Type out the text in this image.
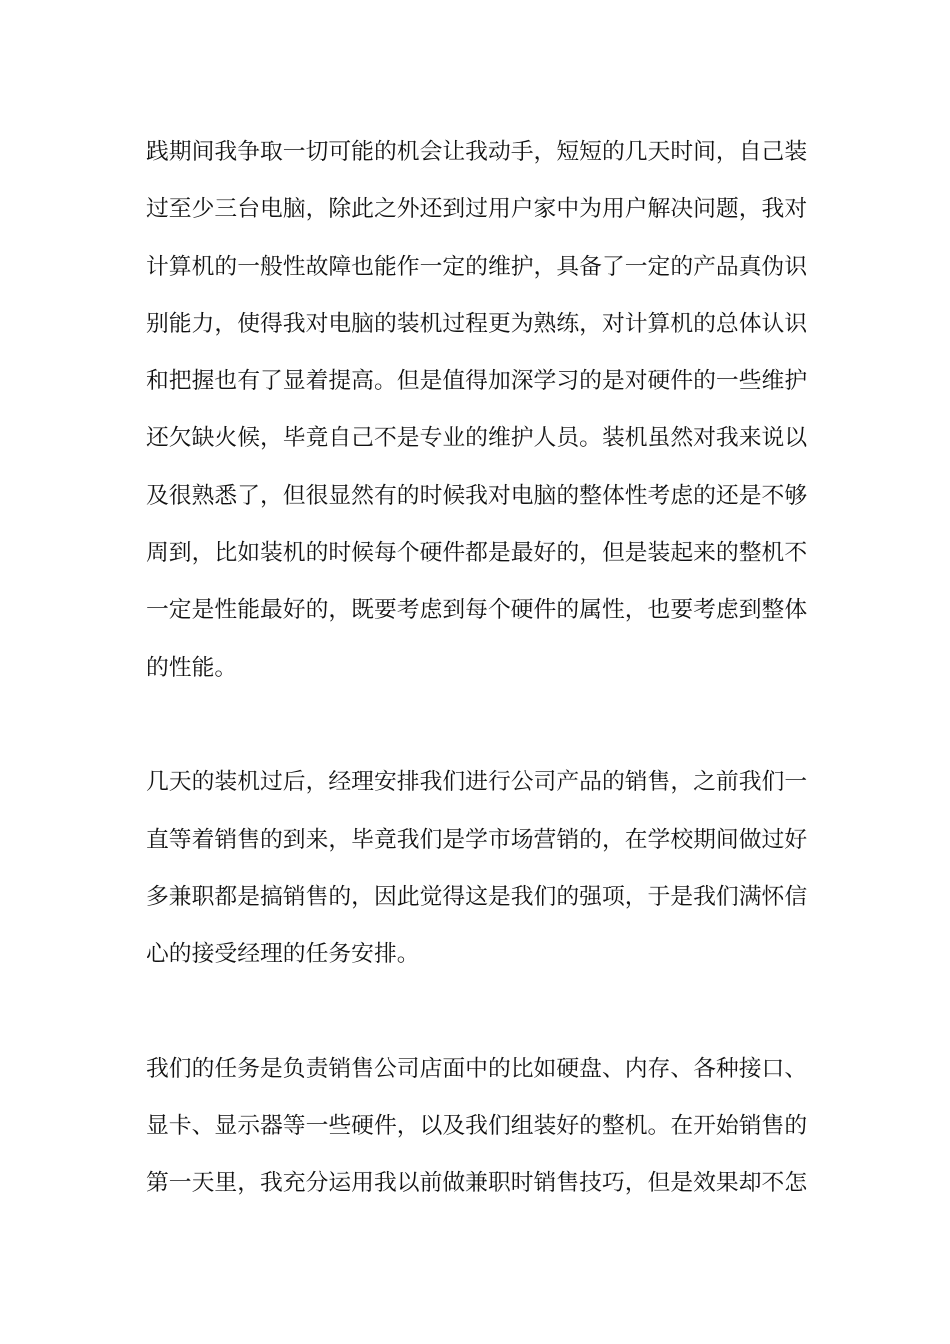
践期间我争取一切可能的机会让我动手，短短的几天时间，自己装
过至少三台电脑，除此之外还到过用户家中为用户解决问题，我对
计算机的一般性故障也能作一定的维护，具备了一定的产品真伪识
别能力，使得我对电脑的装机过程更为熟练，对计算机的总体认识
和把握也有了显着提高。但是值得加深学习的是对硬件的一些维护
还欠缺火候，毕竟自己不是专业的维护人员。装机虽然对我来说以
及很熟悉了，但很显然有的时候我对电脑的整体性考虑的还是不够
周到，比如装机的时候每个硬件都是最好的，但是装起来的整机不
一定是性能最好的，既要考虑到每个硬件的属性，也要考虑到整体
的性能。

几天的装机过后，经理安排我们进行公司产品的销售，之前我们一
直等着销售的到来，毕竟我们是学市场营销的，在学校期间做过好
多兼职都是搞销售的，因此觉得这是我们的强项，于是我们满怀信
心的接受经理的任务安排。

我们的任务是负责销售公司店面中的比如硬盘、内存、各种接口、
显卡、显示器等一些硬件，以及我们组装好的整机。在开始销售的
第一天里，我充分运用我以前做兼职时销售技巧，但是效果却不怎
